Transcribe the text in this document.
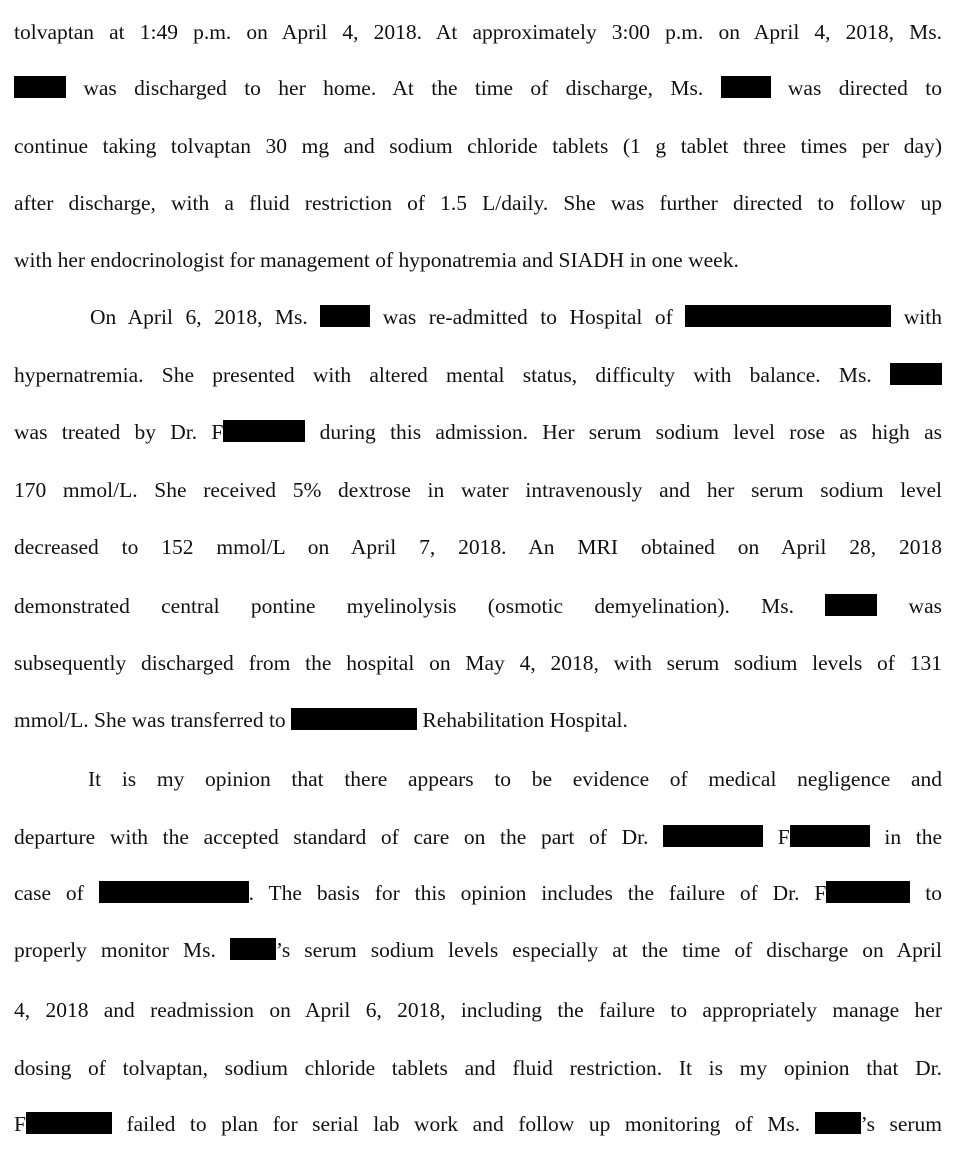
tolvaptan at 1:49 p.m. on April 4, 2018. At approximately 3:00 p.m. on April 4, 2018, Ms.
was discharged to her home. At the time of discharge, Ms.  was directed to
continue taking tolvaptan 30 mg and sodium chloride tablets (1 g tablet three times per day)
after discharge, with a fluid restriction of 1.5 L/daily. She was further directed to follow up
with her endocrinologist for management of hyponatremia and SIADH in one week.
On April 6, 2018, Ms.  was re-admitted to Hospital of	with
hypernatremia. She presented with altered mental status, difficulty with balance. Ms.
was treated by Dr. F	during this admission. Her serum sodium level rose as high as
170 mmol/L. She received 5% dextrose in water intravenously and her serum sodium level
decreased to 152 mmol/L on April 7, 2018. An MRI obtained on April 28, 2018
demonstrated central pontine myelinolysis (osmotic demyelination). Ms.  was
subsequently discharged from the hospital on May 4, 2018, with serum sodium levels of 131
mmol/L. She was transferred to	Rehabilitation Hospital.
It is my opinion that there appears to be evidence of medical negligence and
departure with the accepted standard of care on the part of Dr.	F	in the
case of	. The basis for this opinion includes the failure of Dr. F	to
properly monitor Ms. ’s serum sodium levels especially at the time of discharge on April
4, 2018 and readmission on April 6, 2018, including the failure to appropriately manage her
dosing of tolvaptan, sodium chloride tablets and fluid restriction. It is my opinion that Dr.
F	failed to plan for serial lab work and follow up monitoring of Ms. ’s serum
